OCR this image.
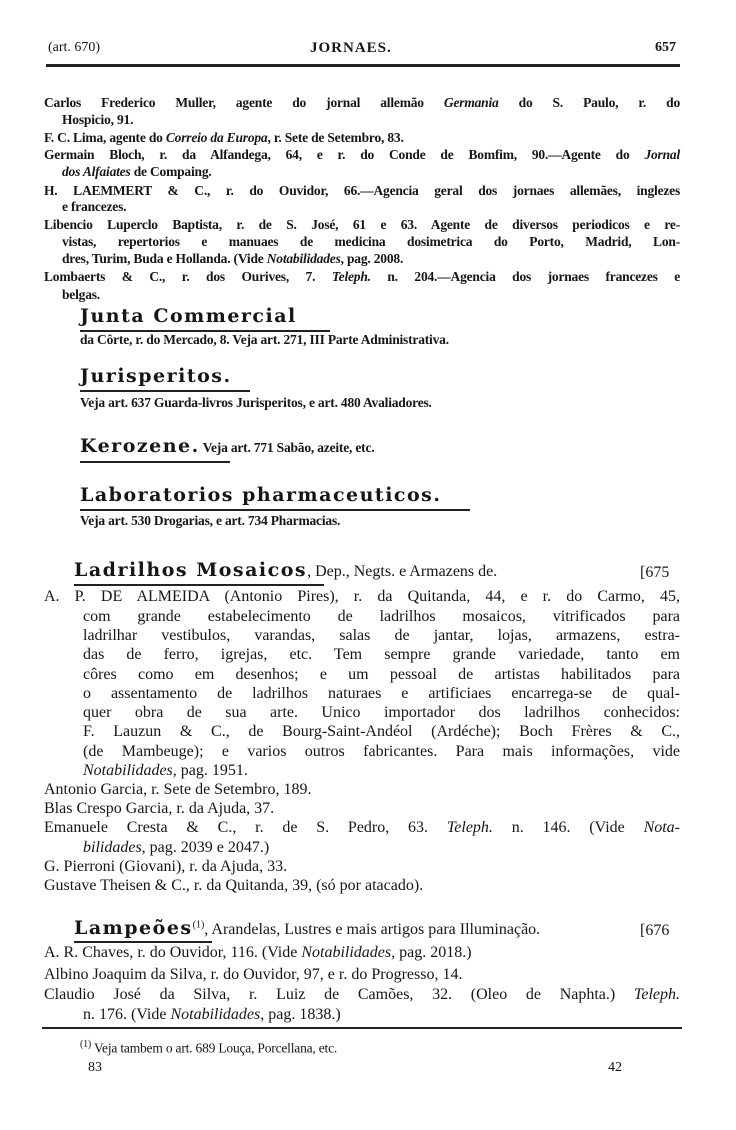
(art. 670)	JORNAES.	657
Carlos Frederico Muller, agente do jornal allemão Germania do S. Paulo, r. do
Hospicio, 91.
F. C. Lima, agente do Correio da Europa, r. Sete de Setembro, 83.
Germain Bloch, r. da Alfandega, 64, e r. do Conde de Bomfim, 90.—Agente do Jornal
dos Alfaiates de Compaing.
H. LAEMMERT & C., r. do Ouvidor, 66.—Agencia geral dos jornaes allemães, inglezes
e francezes.
Libencio Luperclo Baptista, r. de S. José, 61 e 63. Agente de diversos periodicos e re-
vistas, repertorios e manuaes de medicina dosimetrica do Porto, Madrid, Lon-
dres, Turim, Buda e Hollanda. (Vide Notabilidades, pag. 2008.
Lombaerts & C., r. dos Ourives, 7. Teleph. n. 204.—Agencia dos jornaes francezes e
belgas.
Junta Commercial
da Côrte, r. do Mercado, 8. Veja art. 271, III Parte Administrativa.
Jurisperitos.
Veja art. 637 Guarda-livros Jurisperitos, e art. 480 Avaliadores.
Kerozene. Veja art. 771 Sabão, azeite, etc.
Laboratorios pharmaceuticos.
Veja art. 530 Drogarias, e art. 734 Pharmacias.
Ladrilhos Mosaicos, Dep., Negts. e Armazens de.
A. P. DE ALMEIDA (Antonio Pires), r. da Quitanda, 44, e r. do Carmo, 45,
com grande estabelecimento de ladrilhos mosaicos, vitrificados para
ladrilhar vestibulos, varandas, salas de jantar, lojas, armazens, estra-
das de ferro, igrejas, etc. Tem sempre grande variedade, tanto em
côres como em desenhos; e um pessoal de artistas habilitados para
o assentamento de ladrilhos naturaes e artificiaes encarrega-se de qual-
quer obra de sua arte. Unico importador dos ladrilhos conhecidos:
F. Lauzun & C., de Bourg-Saint-Andéol (Ardéche); Boch Frères & C.,
(de Mambeuge); e varios outros fabricantes. Para mais informações, vide
Notabilidades, pag. 1951.
Antonio Garcia, r. Sete de Setembro, 189.
Blas Crespo Garcia, r. da Ajuda, 37.
Emanuele Cresta & C., r. de S. Pedro, 63. Teleph. n. 146. (Vide Nota-
bilidades, pag. 2039 e 2047.)
G. Pierroni (Giovani), r. da Ajuda, 33.
Gustave Theisen & C., r. da Quitanda, 39, (só por atacado).
Lampeões$^{(1)}$, Arandelas, Lustres e mais artigos para Illuminação.
A. R. Chaves, r. do Ouvidor, 116. (Vide Notabilidades, pag. 2018.)
Albino Joaquim da Silva, r. do Ouvidor, 97, e r. do Progresso, 14.
Claudio José da Silva, r. Luiz de Camões, 32. (Oleo de Naphta.) Teleph.
n. 176. (Vide Notabilidades, pag. 1838.)
$^{(1)}$ Veja tambem o art. 689 Louça, Porcellana, etc.
[675
[676
83	42
